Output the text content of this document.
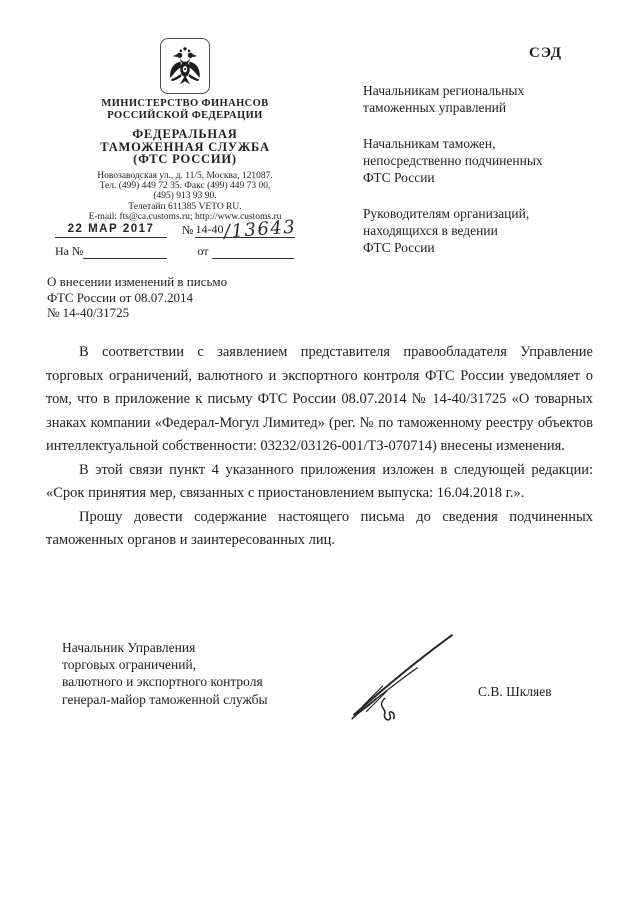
СЭД
МИНИСТЕРСТВО ФИНАНСОВ
РОССИЙСКОЙ ФЕДЕРАЦИИ
ФЕДЕРАЛЬНАЯ
ТАМОЖЕННАЯ СЛУЖБА
(ФТС РОССИИ)
Новозаводская ул., д. 11/5, Москва, 121087.
Тел. (499) 449 72 35. Факс (499) 449 73 00,
(495) 913 93 90.
Телетайп 611385 VETO RU.
E-mail: fts@ca.customs.ru; http://www.customs.ru
22 МАР 2017	№ 14-40/13643
На №	от
Начальникам региональных
таможенных управлений
Начальникам таможен,
непосредственно подчиненных
ФТС России
Руководителям организаций,
находящихся в ведении
ФТС России
О внесении изменений в письмо
ФТС России от 08.07.2014
№ 14-40/31725

В соответствии с заявлением представителя правообладателя Управление торговых ограничений, валютного и экспортного контроля ФТС России уведомляет о том, что в приложение к письму ФТС России 08.07.2014 № 14-40/31725 «О товарных знаках компании «Федерал-Могул Лимитед» (рег. № по таможенному реестру объектов интеллектуальной собственности: 03232/03126-001/ТЗ-070714) внесены изменения.

В этой связи пункт 4 указанного приложения изложен в следующей редакции: «Срок принятия мер, связанных с приостановлением выпуска: 16.04.2018 г.».

Прошу довести содержание настоящего письма до сведения подчиненных таможенных органов и заинтересованных лиц.

Начальник Управления
торговых ограничений,
валютного и экспортного контроля
генерал-майор таможенной службы
С.В. Шкляев
